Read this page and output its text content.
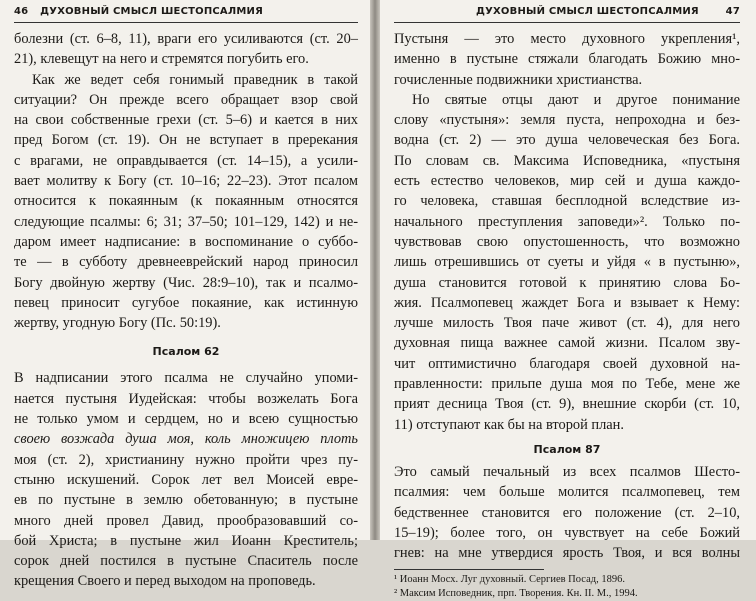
46 ДУХОВНЫЙ СМЫСЛ ШЕСТОПСАЛМИЯ
болезни (ст. 6–8, 11), враги его усиливаются (ст. 20–
21), клевещут на него и стремятся погубить его.
Как же ведет себя гонимый праведник в такой
ситуации? Он прежде всего обращает взор свой
на свои собственные грехи (ст. 5–6) и кается в них
пред Богом (ст. 19). Он не вступает в пререкания
с врагами, не оправдывается (ст. 14–15), а усили-
вает молитву к Богу (ст. 10–16; 22–23). Этот псалом
относится к покаянным (к покаянным относятся
следующие псалмы: 6; 31; 37–50; 101–129, 142) и не-
даром имеет надписание: в воспоминание о суббо-
те — в субботу древнееврейский народ приносил
Богу двойную жертву (Чис. 28:9–10), так и псалмо-
певец приносит сугубое покаяние, как истинную
жертву, угодную Богу (Пс. 50:19).
Псалом 62
В надписании этого псалма не случайно упоми-
нается пустыня Иудейская: чтобы возжелать Бога
не только умом и сердцем, но и всею сущностью
своею возжада душа моя, коль множицею плоть
моя (ст. 2), христианину нужно пройти чрез пу-
стыню искушений. Сорок лет вел Моисей евре-
ев по пустыне в землю обетованную; в пустыне
много дней провел Давид, прообразовавший со-
бой Христа; в пустыне жил Иоанн Креститель;
сорок дней постился в пустыне Спаситель после
крещения Своего и перед выходом на проповедь.
ДУХОВНЫЙ СМЫСЛ ШЕСТОПСАЛМИЯ	47
Пустыня — это место духовного укрепления¹,
именно в пустыне стяжали благодать Божию мно-
гочисленные подвижники христианства.
Но святые отцы дают и другое понимание
слову «пустыня»: земля пуста, непроходна и без-
водна (ст. 2) — это душа человеческая без Бога.
По словам св. Максима Исповедника, «пустыня
есть естество человеков, мир сей и душа каждо-
го человека, ставшая бесплодной вследствие из-
начального преступления заповеди»². Только по-
чувствовав свою опустошенность, что возможно
лишь отрешившись от суеты и уйдя « в пустыню»,
душа становится готовой к принятию слова Бо-
жия. Псалмопевец жаждет Бога и взывает к Нему:
лучше милость Твоя паче живот (ст. 4), для него
духовная пища важнее самой жизни. Псалом зву-
чит оптимистично благодаря своей духовной на-
правленности: прильпе душа моя по Тебе, мене же
прият десница Твоя (ст. 9), внешние скорби (ст. 10,
11) отступают как бы на второй план.
Псалом 87
Это самый печальный из всех псалмов Шесто-
псалмия: чем больше молится псалмопевец, тем
бедственнее становится его положение (ст. 2–10,
15–19); более того, он чувствует на себе Божий
гнев: на мне утвердися ярость Твоя, и вся волны
¹ Иоанн Мосх. Луг духовный. Сергиев Посад, 1896.
² Максим Исповедник, прп. Творения. Кн. II. М., 1994.
